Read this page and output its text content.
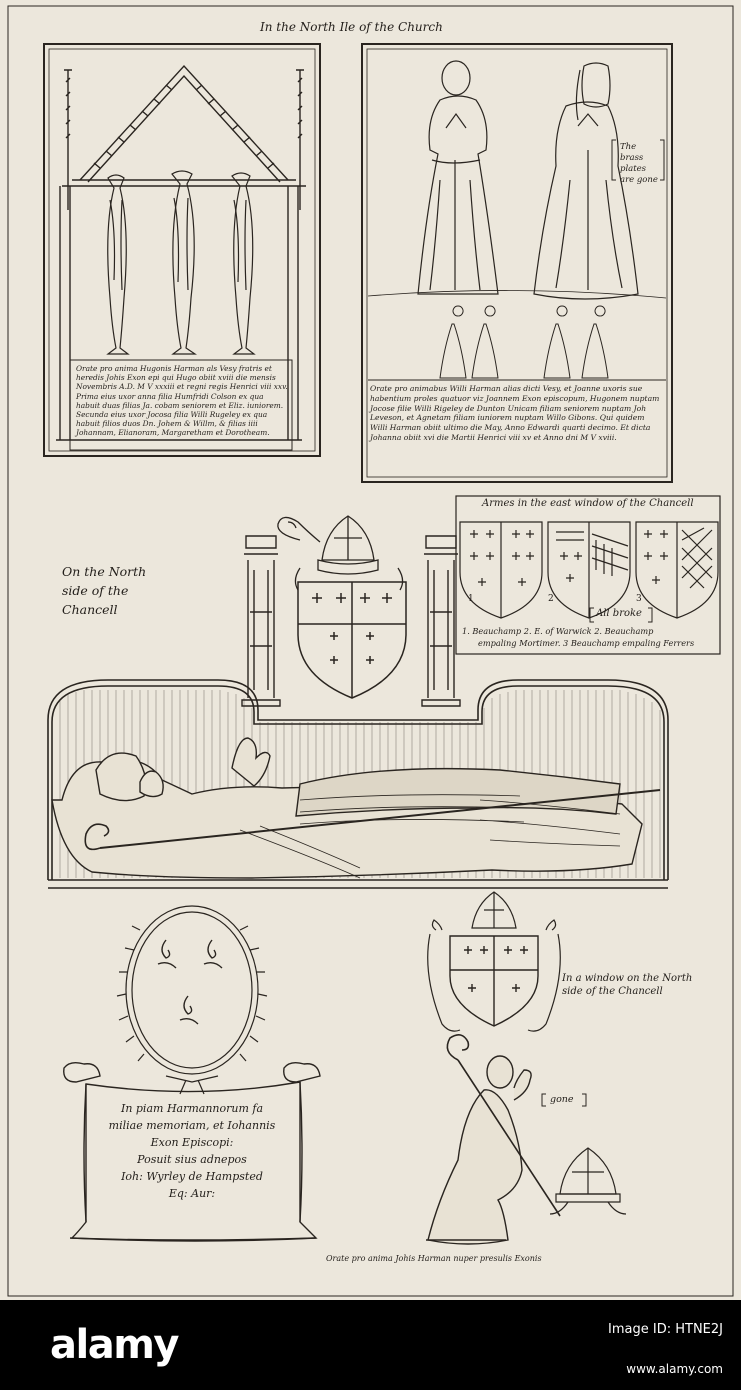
In the North Ile of the Church
Orate pro anima Hugonis Harman als Vesy fratris et heredis Johis Exon epi qui Hugo obiit xviii die mensis Novembris A.D. M V xxxiii et regni regis Henrici viii xxv. Prima eius uxor anna filia Humfridi Colson ex qua habuit duas filias Ja. cobam seniorem et Eliz. iuniorem. Secunda eius uxor Jocosa filia Willi Rugeley ex qua habuit filios duos Dn. Johem & Willm, & filias iiii Johannam, Elianoram, Margaretham et Dorotheam.
The brass plates are gone
Orate pro animabus Willi Harman alias dicti Vesy, et Joanne uxoris sue habentium proles quatuor viz Joannem Exon episcopum, Hugonem nuptam Jocose filie Willi Rigeley de Dunton Unicam filiam seniorem nuptam Joh Leveson, et Agnetam filiam iuniorem nuptam Willo Gibons. Qui quidem Willi Harman obiit ultimo die May, Anno Edwardi quarti decimo. Et dicta Johanna obiit xvi die Martii Henrici viii xv et Anno dni M V xviii.
Armes in the east window of the Chancell
1	2	3
All broke
1. Beauchamp 2. E. of Warwick 2. Beauchamp
empaling Mortimer. 3 Beauchamp empaling Ferrers
On the North side of the Chancell
In a window on the North side of the Chancell
gone
In piam Harmannorum fa
miliae memoriam, et Iohannis
Exon Episcopi:
Posuit sius adnepos
Ioh: Wyrley de Hampsted
Eq: Aur:
Orate pro anima Johis Harman nuper presulis Exonis
alamy	Image ID: HTNE2J
www.alamy.com
